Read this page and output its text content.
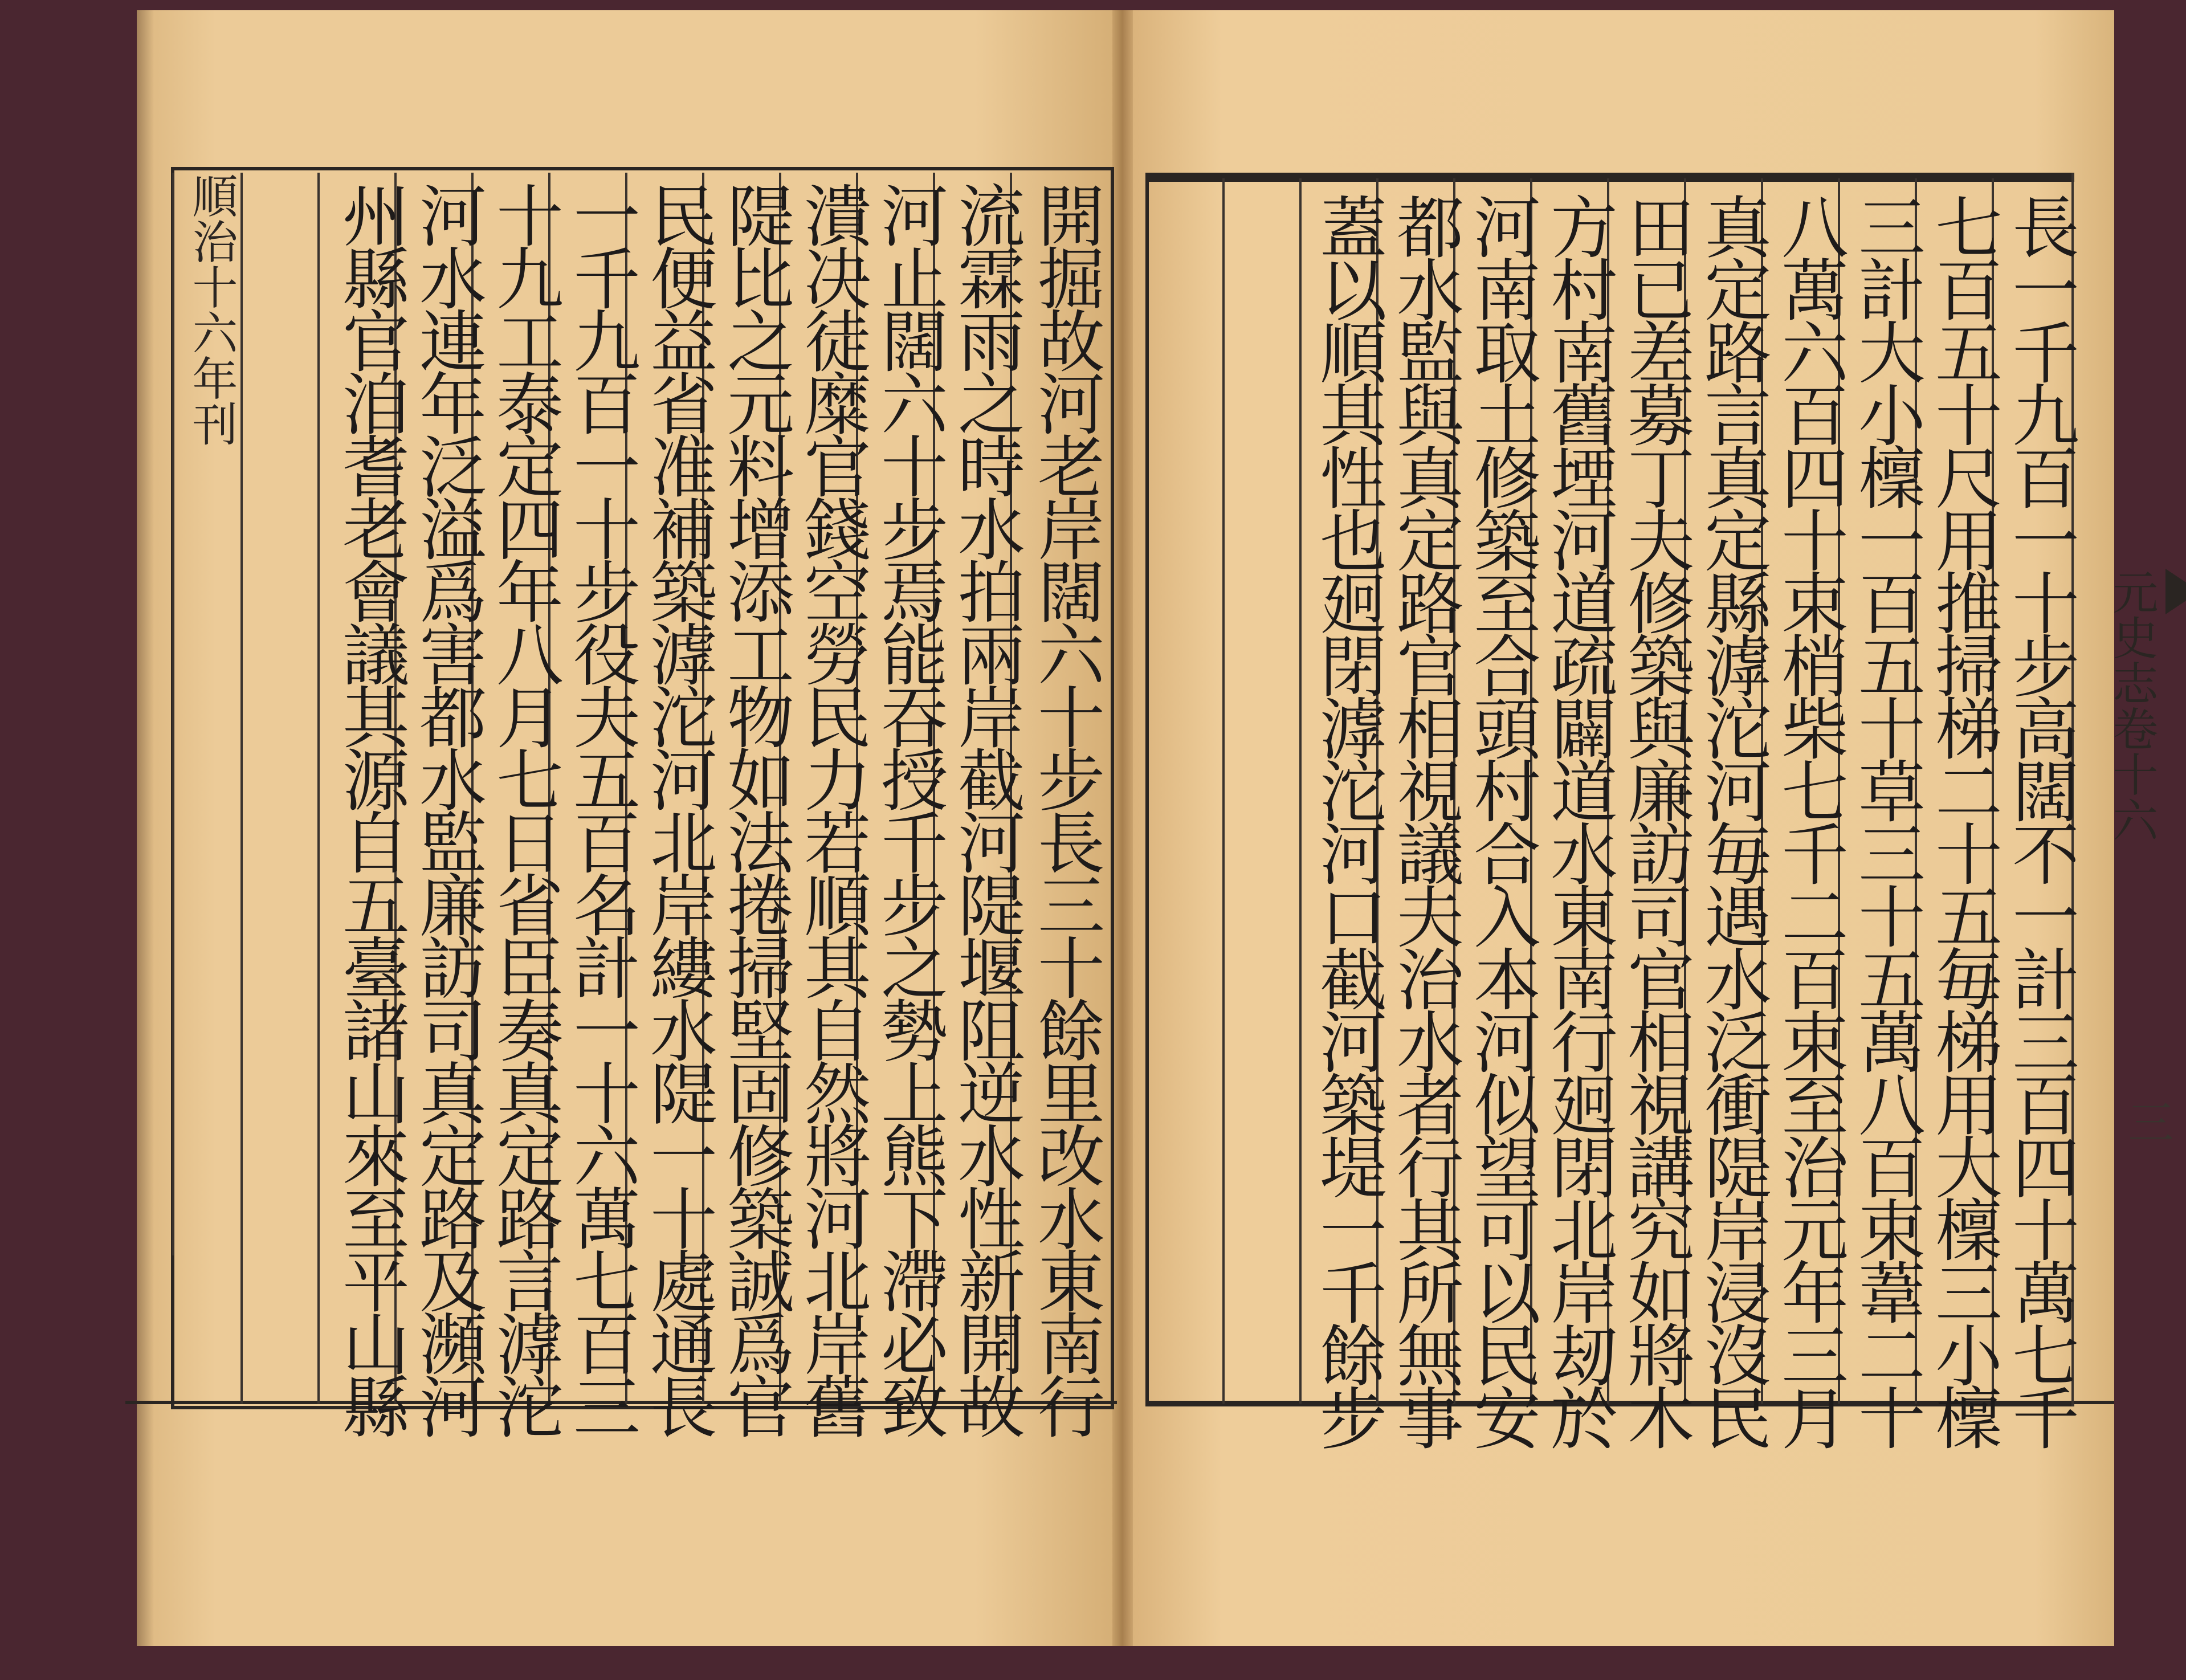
順治十六年刊	開掘故河老岸闊六十步長三十餘里改水東南行
流霖雨之時水拍兩岸截河隄堰阻逆水性新開故
河止闊六十步焉能吞授千步之勢上熊下滯必致
潰决徒糜官錢空勞民力若順其自然將河北岸舊
隄比之元料增添工物如法捲掃堅固修築誠爲官
民便益省准補築滹沱河北岸縷水隄一十處通長
一千九百一十步役夫五百名計一十六萬七百三
十九工泰定四年八月七日省臣奏真定路言滹沱
河水連年泛溢爲害都水監廉訪司真定路及瀕河
州縣官洎耆老會議其源自五臺諸山來至平山縣	長一千九百一十步高闊不一計三百四十萬七千
七百五十尺用推掃梯二十五毎梯用大檁三小檁
三計大小檁一百五十草三十五萬八百束葦二十
八萬六百四十束梢柴七千二百束至治元年三月
真定路言真定縣滹沱河毎遇水泛衝隄岸浸沒民
田已差募丁夫修築與廉訪司官相視講究如將木
方村南舊堙河道疏闢道水東南行㢠閉北岸刼於
河南取土修築至合頭村合入本河似望可以民安
都水監與真定路官相視議夫治水者行其所無事
蓋以順其性也㢠閉滹沱河口截河築堤一千餘步	元史志卷十六
三
